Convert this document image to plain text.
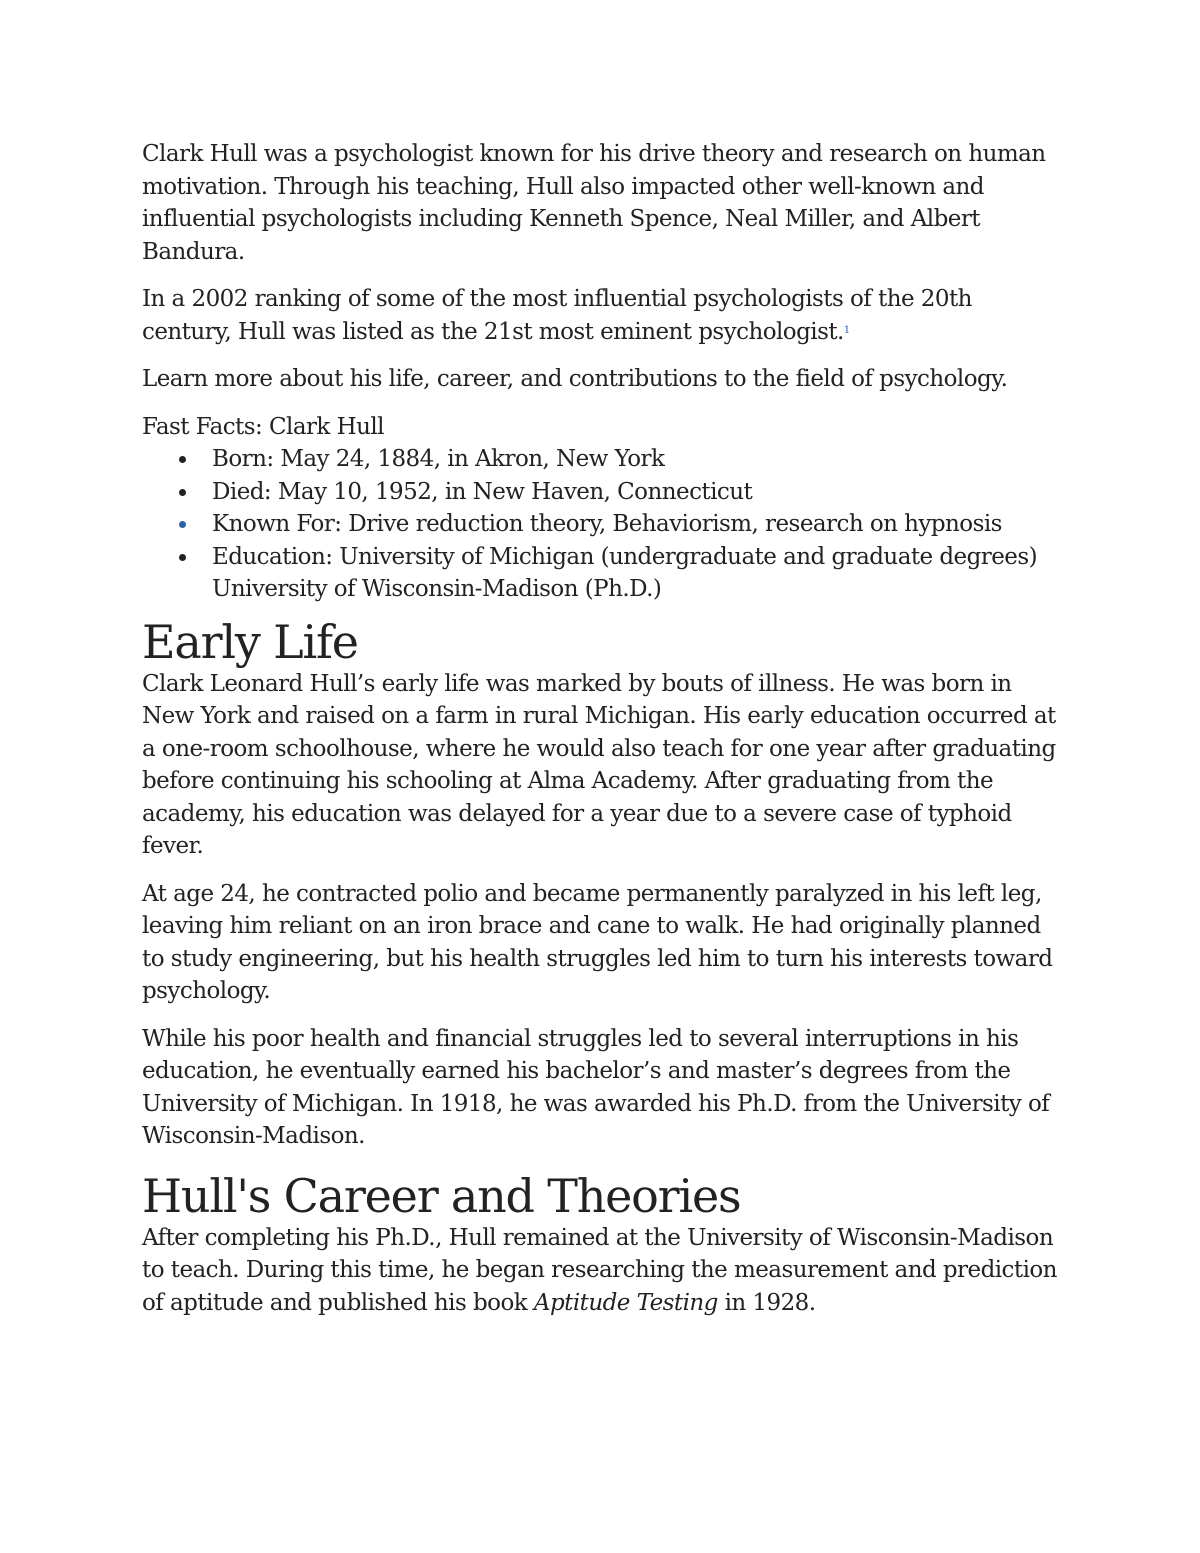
Clark Hull was a psychologist known for his drive theory and research on human motivation. Through his teaching, Hull also impacted other well-known and influential psychologists including Kenneth Spence, Neal Miller, and Albert Bandura.

In a 2002 ranking of some of the most influential psychologists of the 20th century, Hull was listed as the 21st most eminent psychologist.$^1$

Learn more about his life, career, and contributions to the field of psychology.

Fast Facts: Clark Hull
Born: May 24, 1884, in Akron, New York
Died: May 10, 1952, in New Haven, Connecticut
Known For: Drive reduction theory, Behaviorism, research on hypnosis
Education: University of Michigan (undergraduate and graduate degrees) University of Wisconsin-Madison (Ph.D.)
Early Life

Clark Leonard Hull’s early life was marked by bouts of illness. He was born in New York and raised on a farm in rural Michigan. His early education occurred at a one-room schoolhouse, where he would also teach for one year after graduating before continuing his schooling at Alma Academy. After graduating from the academy, his education was delayed for a year due to a severe case of typhoid fever.

At age 24, he contracted polio and became permanently paralyzed in his left leg, leaving him reliant on an iron brace and cane to walk. He had originally planned to study engineering, but his health struggles led him to turn his interests toward psychology.

While his poor health and financial struggles led to several interruptions in his education, he eventually earned his bachelor’s and master’s degrees from the University of Michigan. In 1918, he was awarded his Ph.D. from the University of Wisconsin-Madison.

Hull's Career and Theories

After completing his Ph.D., Hull remained at the University of Wisconsin-Madison to teach. During this time, he began researching the measurement and prediction of aptitude and published his book Aptitude Testing in 1928.
